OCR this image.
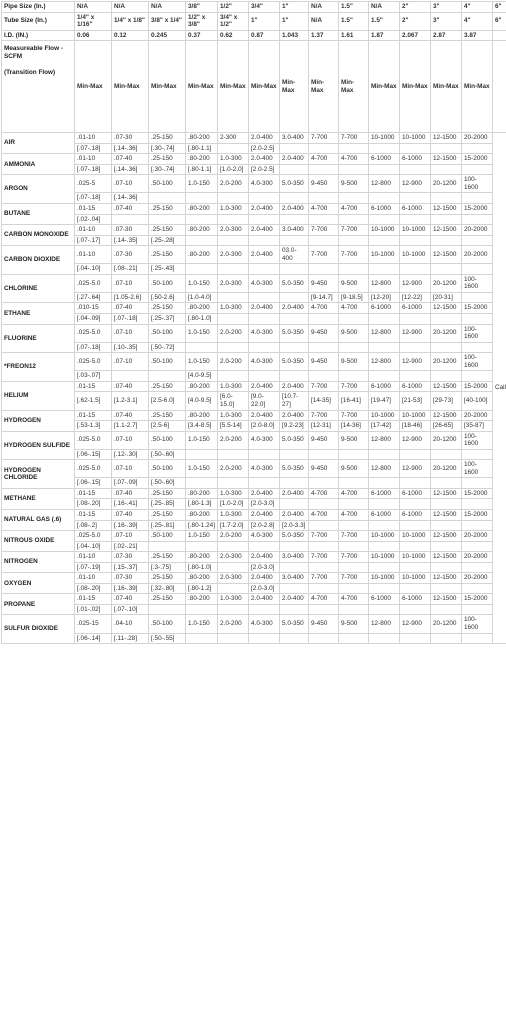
Pipe Size (In.)	N/A	N/A	N/A	3/8"	1/2"	3/4"	1"	N/A	1.5"	N/A	2"	3"	4"	6"
Tube Size (In.)	1/4" x 1/16"	1/4" x 1/8"	3/8" x 1/4"	1/2" x 3/8"	3/4" x 1/2"	1"	1"	N/A	1.5"	1.5"	2"	3"	4"	6"
I.D. (IN.)	0.06	0.12	0.245	0.37	0.62	0.87	1.043	1.37	1.61	1.87	2.067	2.87	3.87	

Measureable Flow - SCFM
(Transition Flow)	Min-Max	Min-Max	Min-Max	Min-Max	Min-Max	Min-Max	Min-Max	Min-Max	Min-Max	Min-Max	Min-Max	Min-Max	Min-Max	
AIR	.01-10	.07-30	.25-150	.80-200	2-300	2.0-400	3.0-400	7-700	7-700	10-1000	10-1000	12-1500	20-2000	Call
	[.07-.18]	[.14-.36]	[.30-.74]	[.80-1.1]		[2.0-2.5]								
AMMONIA	.01-10	.07-40	.25-150	.80-200	1.0-300	2.0-400	2.0-400	4-700	4-700	6-1000	6-1000	12-1500	15-2000	
	[.07-.18]	[.14-.36]	[.30-.74]	[.80-1.1]	[1.0-2.0]	[2.0-2.5]								
ARGON	.025-5	.07-10	.50-100	1.0-150	2.0-200	4.0-300	5.0-350	9-450	9-500	12-800	12-900	20-1200	100-1600	
	[.07-.18]	[.14-.36]												
BUTANE	.01-15	.07-40	.25-150	.80-200	1.0-300	2.0-400	2.0-400	4-700	4-700	6-1000	6-1000	12-1500	15-2000	
	[.02-.04]													
CARBON MONOXIDE	.01-10	.07-30	.25-150	.80-200	2.0-300	2.0-400	3.0-400	7-700	7-700	10-1000	10-1000	12-1500	20-2000	
	[.07-.17]	[.14-.35]	[.25-.28]											
CARBON DIOXIDE	.01-10	.07-30	.25-150	.80-200	2.0-300	2.0-400	03.0-400	7-700	7-700	10-1000	10-1000	12-1500	20-2000	
	[.04-.10]	[.08-.21]	[.25-.43]											
CHLORINE	.025-5.0	.07-10	.50-100	1.0-150	2.0-300	4.0-300	5.0-350	9-450	9-500	12-800	12-900	20-1200	100-1600	
	[.27-.64]	[1.05-2.6]	[.50-2.6]	[1.0-4.0]				[9-14.7]	[9-18.5]	[12-20]	[12-22]	[20-31]		
ETHANE	.010-15	.07-40	.25-150	.80-200	1.0-300	2.0-400	2.0-400	4-700	4-700	6-1000	6-1000	12-1500	15-2000	
	[.04-.09]	[.07-.18]	[.25-.37]	[.80-1.0]										
FLUORINE	.025-5.0	.07-10	.50-100	1.0-150	2.0-200	4.0-300	5.0-350	9-450	9-500	12-800	12-900	20-1200	100-1600	
	[.07-.18]	[.10-.35]	[.50-.72]											
*FREON12	.025-5.0	.07-10	.50-100	1.0-150	2.0-200	4.0-300	5.0-350	9-450	9-500	12-800	12-900	20-1200	100-1600	
	[.03-.07]			[4.0-9.5]										
HELIUM	.01-15	.07-40	.25-150	.80-200	1.0-300	2.0-400	2.0-400	7-700	7-700	6-1000	6-1000	12-1500	15-2000	
	[.62-1.5]	[1.2-3.1]	[2.5-6.0]	[4.0-9.5]	[6.0-15.0]	[9.0-22.0]	[10.7-27]	[14-35]	[16-41]	[19-47]	[21-53]	[29-73]	[40-100]	
HYDROGEN	.01-15	.07-40	.25-150	.80-200	1.0-300	2.0-400	2.0-400	7-700	7-700	10-1000	10-1000	12-1500	20-2000	
	[.53-1.3]	[1.1-2.7]	[2.5-6]	[3.4-8.5]	[5.5-14]	[2.0-8.0]	[9.2-23]	[12-31]	[14-36]	[17-42]	[18-46]	[26-65]	[35-87]	
HYDROGEN SULFIDE	.025-5.0	.07-10	.50-100	1.0-150	2.0-200	4.0-300	5.0-350	9-450	9-500	12-800	12-900	20-1200	100-1600	
	[.06-.15]	[.12-.30]	[.50-.60]											
HYDROGEN CHLORIDE	.025-5.0	.07-10	.50-100	1.0-150	2.0-200	4.0-300	5.0-350	9-450	9-500	12-800	12-900	20-1200	100-1600	
	[.06-.15]	[.07-.09]	[.50-.60]											
METHANE	.01-15	.07-40	.25-150	.80-200	1.0-300	2.0-400	2.0-400	4-700	4-700	6-1000	6-1000	12-1500	15-2000	
	[.08-.20]	[.16-.41]	[.25-.85]	[.80-1.3]	[1.0-2.0]	[2.0-3.0]								
NATURAL GAS (.6)	.01-15	.07-40	.25-150	.80-200	1.0-300	2.0-400	2.0-400	4-700	4-700	6-1000	6-1000	12-1500	15-2000	
	[.08-.2]	[.16-.39]	[.25-.81]	[.80-1.24]	[1.7-2.0]	[2.0-2.8]	[2.0-3.3]							
NITROUS OXIDE	.025-5.0	.07-10	.50-100	1.0-150	2.0-200	4.0-300	5.0-350	7-700	7-700	10-1000	10-1000	12-1500	20-2000	
	[.04-.10]	[.02-.21]												
NITROGEN	.01-10	.07-30	.25-150	.80-200	2.0-300	2.0-400	3.0-400	7-700	7-700	10-1000	10-1000	12-1500	20-2000	
	[.07-.19]	[.15-.37]	[.3-.75]	[.80-1.0]		[2.0-3.0]								
OXYGEN	.01-10	.07-30	.25-150	.80-200	2.0-300	2.0-400	3.0-400	7-700	7-700	10-1000	10-1000	12-1500	20-2000	
	[.08-.20]	[.16-.39]	[.32-.80]	[.80-1.2]		[2.0-3.0]								
PROPANE	.01-15	.07-40	.25-150	.80-200	1.0-300	2.0-400	2.0-400	4-700	4-700	6-1000	6-1000	12-1500	15-2000	
	[.01-.02]	[.07-.10]												
SULFUR DIOXIDE	.025-15	.04-10	.50-100	1.0-150	2.0-200	4.0-300	5.0-350	9-450	9-500	12-800	12-900	20-1200	100-1600	
	[.06-.14]	[.11-.28]	[.50-.55]											
